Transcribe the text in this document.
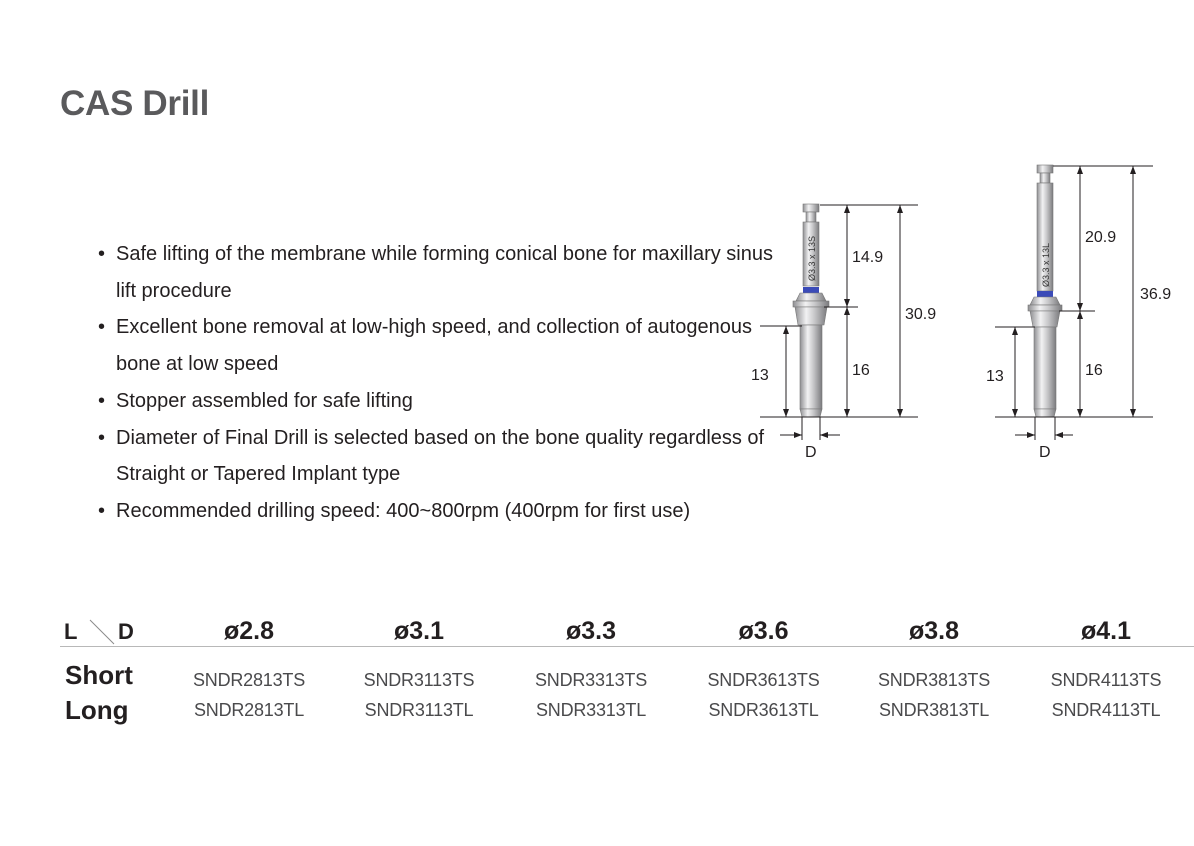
CAS Drill
• Safe lifting of the membrane while forming conical bone for maxillary sinus lift procedure
• Excellent bone removal at low-high speed, and collection of autogenous bone at low speed
• Stopper assembled for safe lifting
• Diameter of Final Drill is selected based on the bone quality regardless of Straight or Tapered Implant type
• Recommended drilling speed: 400~800rpm (400rpm for first use)
Ø3.3 x 13S 14.9
30.9
13	16
D
Ø3.3 x 13L
20.9
36.9
13	16
D
L D	ø2.8	ø3.1	ø3.3	ø3.6	ø3.8	ø4.1
Short	SNDR2813TS	SNDR3113TS	SNDR3313TS	SNDR3613TS	SNDR3813TS	SNDR4113TS
Long	SNDR2813TL	SNDR3113TL	SNDR3313TL	SNDR3613TL	SNDR3813TL	SNDR4113TL
